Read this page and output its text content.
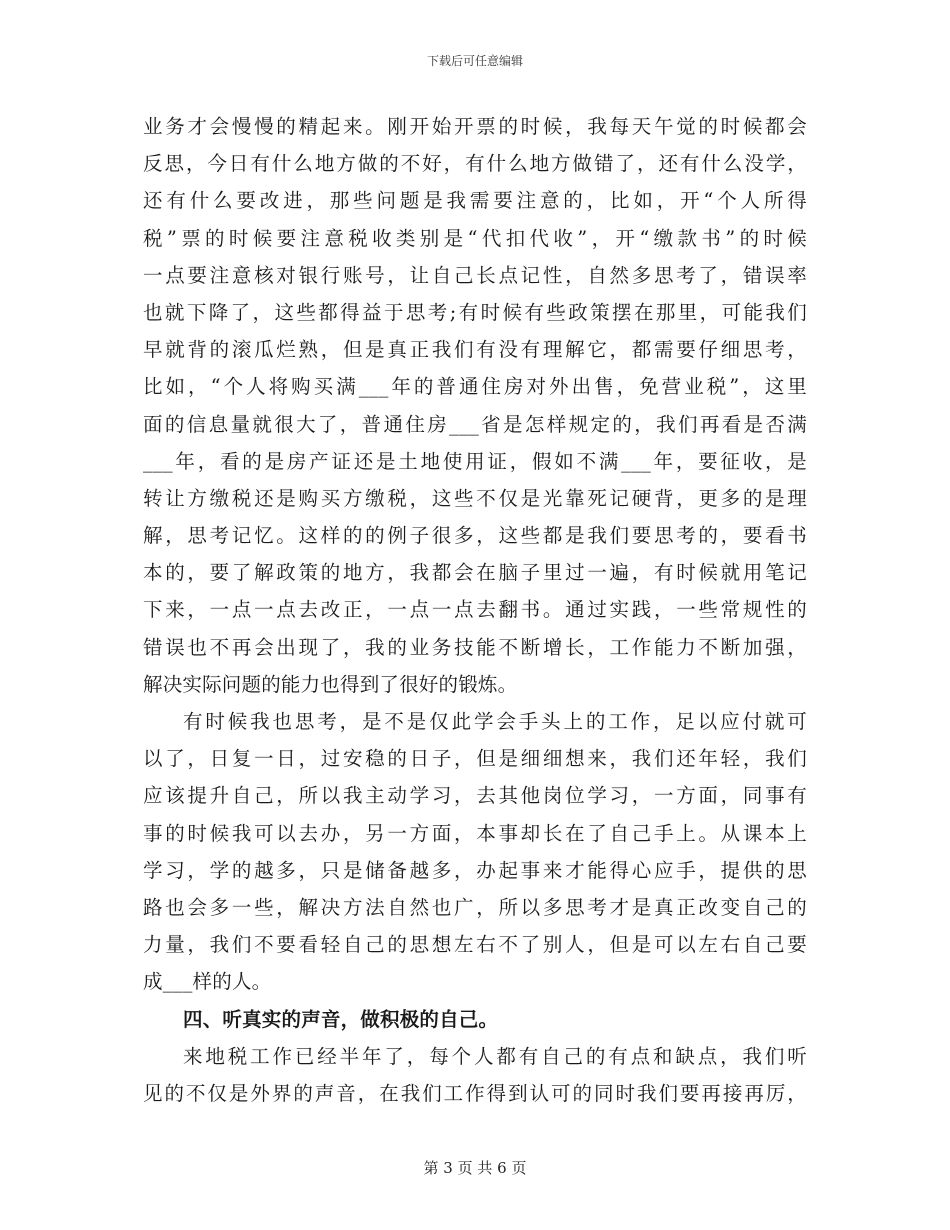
下载后可任意编辑
业务才会慢慢的精起来。刚开始开票的时候，我每天午觉的时候都会
反思，今日有什么地方做的不好，有什么地方做错了，还有什么没学，
还有什么要改进，那些问题是我需要注意的，比如，开“个人所得
税”票的时候要注意税收类别是“代扣代收”，开“缴款书”的时候
一点要注意核对银行账号，让自己长点记性，自然多思考了，错误率
也就下降了，这些都得益于思考;有时候有些政策摆在那里，可能我们
早就背的滚瓜烂熟，但是真正我们有没有理解它，都需要仔细思考，
比如，“个人将购买满___年的普通住房对外出售，免营业税”，这里
面的信息量就很大了，普通住房___省是怎样规定的，我们再看是否满
___年，看的是房产证还是土地使用证，假如不满___年，要征收，是
转让方缴税还是购买方缴税，这些不仅是光靠死记硬背，更多的是理
解，思考记忆。这样的的例子很多，这些都是我们要思考的，要看书
本的，要了解政策的地方，我都会在脑子里过一遍，有时候就用笔记
下来，一点一点去改正，一点一点去翻书。通过实践，一些常规性的
错误也不再会出现了，我的业务技能不断增长，工作能力不断加强，
解决实际问题的能力也得到了很好的锻炼。
有时候我也思考，是不是仅此学会手头上的工作，足以应付就可
以了，日复一日，过安稳的日子，但是细细想来，我们还年轻，我们
应该提升自己，所以我主动学习，去其他岗位学习，一方面，同事有
事的时候我可以去办，另一方面，本事却长在了自己手上。从课本上
学习，学的越多，只是储备越多，办起事来才能得心应手，提供的思
路也会多一些，解决方法自然也广，所以多思考才是真正改变自己的
力量，我们不要看轻自己的思想左右不了别人，但是可以左右自己要
成___样的人。
四、听真实的声音，做积极的自己。
来地税工作已经半年了，每个人都有自己的有点和缺点，我们听
见的不仅是外界的声音，在我们工作得到认可的同时我们要再接再厉，
第 3 页 共 6 页
